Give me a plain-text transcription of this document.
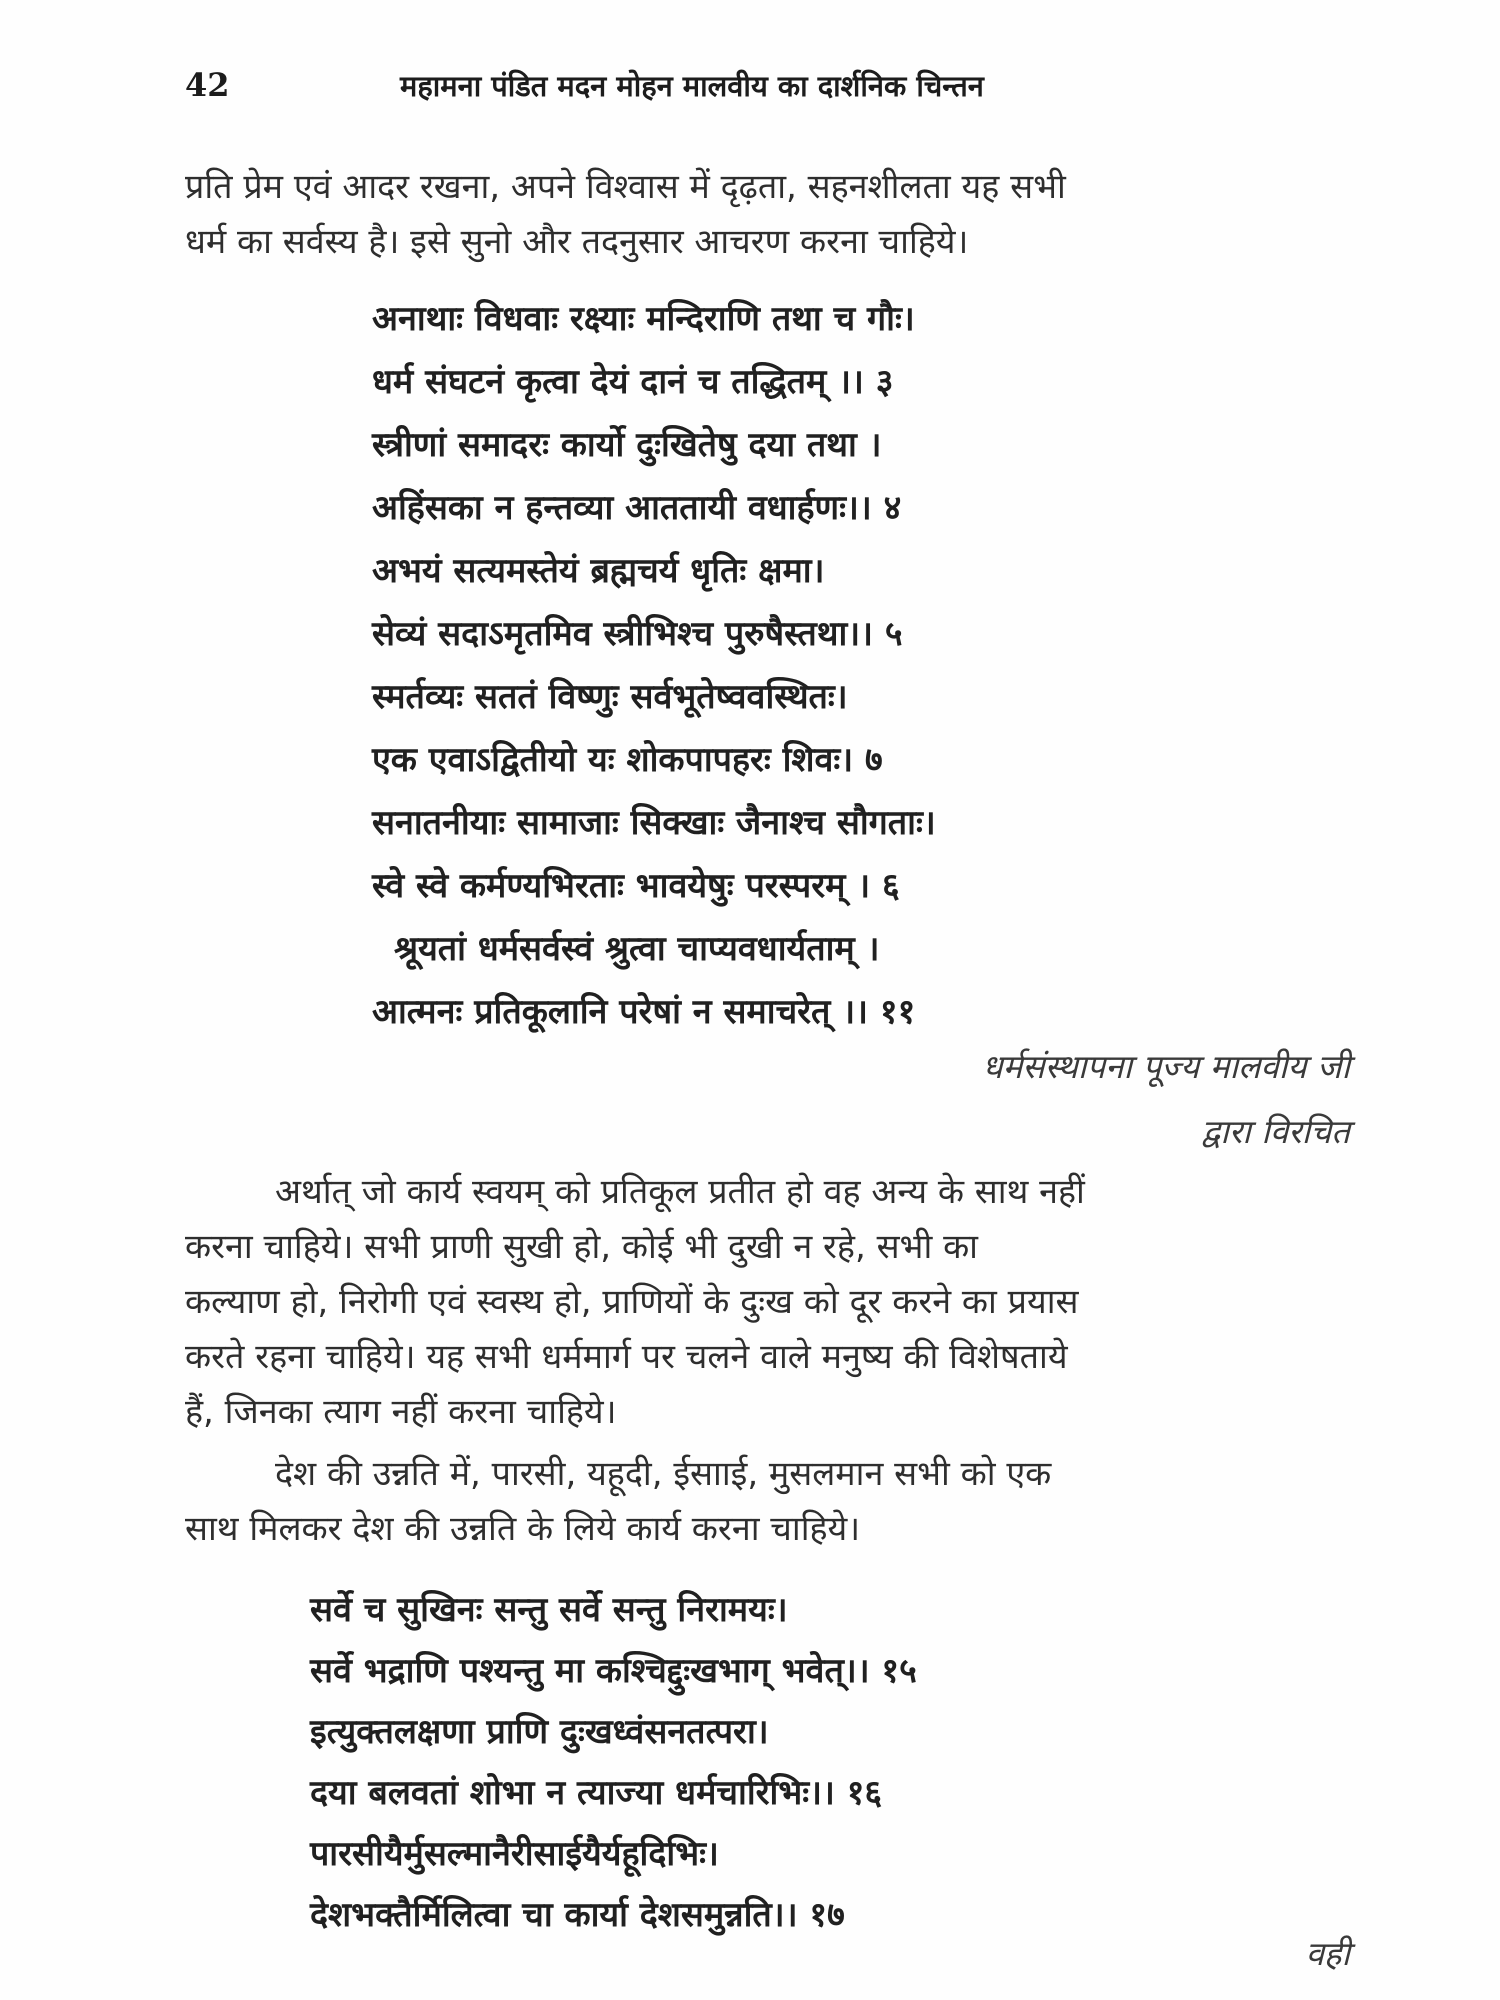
42	महामना पंडित मदन मोहन मालवीय का दार्शनिक चिन्तन
प्रति प्रेम एवं आदर रखना, अपने विश्वास में दृढ़ता, सहनशीलता यह सभी
धर्म का सर्वस्य है। इसे सुनो और तदनुसार आचरण करना चाहिये।
अनाथाः विधवाः रक्ष्याः मन्दिराणि तथा च गौः।
धर्म संघटनं कृत्वा देयं दानं च तद्धितम् ।। ३
स्त्रीणां समादरः कार्यो दुःखितेषु दया तथा ।
अहिंसका न हन्तव्या आततायी वधार्हणः।। ४
अभयं सत्यमस्तेयं ब्रह्मचर्य धृतिः क्षमा।
सेव्यं सदाऽमृतमिव स्त्रीभिश्च पुरुषैस्तथा।। ५
स्मर्तव्यः सततं विष्णुः सर्वभूतेष्ववस्थितः।
एक एवाऽद्वितीयो यः शोकपापहरः शिवः। ७
सनातनीयाः सामाजाः सिक्खाः जैनाश्च सौगताः।
स्वे स्वे कर्मण्यभिरताः भावयेषुः परस्परम् । ६
श्रूयतां धर्मसर्वस्वं श्रुत्वा चाप्यवधार्यताम् ।
आत्मनः प्रतिकूलानि परेषां न समाचरेत् ।। ११
धर्मसंस्थापना पूज्य मालवीय जी
द्वारा विरचित
अर्थात् जो कार्य स्वयम् को प्रतिकूल प्रतीत हो वह अन्य के साथ नहीं
करना चाहिये। सभी प्राणी सुखी हो, कोई भी दुखी न रहे, सभी का
कल्याण हो, निरोगी एवं स्वस्थ हो, प्राणियों के दुःख को दूर करने का प्रयास
करते रहना चाहिये। यह सभी धर्ममार्ग पर चलने वाले मनुष्य की विशेषताये
हैं, जिनका त्याग नहीं करना चाहिये।
देश की उन्नति में, पारसी, यहूदी, ईसााई, मुसलमान सभी को एक
साथ मिलकर देश की उन्नति के लिये कार्य करना चाहिये।
सर्वे च सुखिनः सन्तु सर्वे सन्तु निरामयः।
सर्वे भद्राणि पश्यन्तु मा कश्चिद्दुःखभाग् भवेत्।। १५
इत्युक्तलक्षणा प्राणि दुःखध्वंसनतत्परा।
दया बलवतां शोभा न त्याज्या धर्मचारिभिः।। १६
पारसीयैर्मुसल्मानैरीसाईयैर्यहूदिभिः।
देशभक्तैर्मिलित्वा चा कार्या देशसमुन्नति।। १७
वही
